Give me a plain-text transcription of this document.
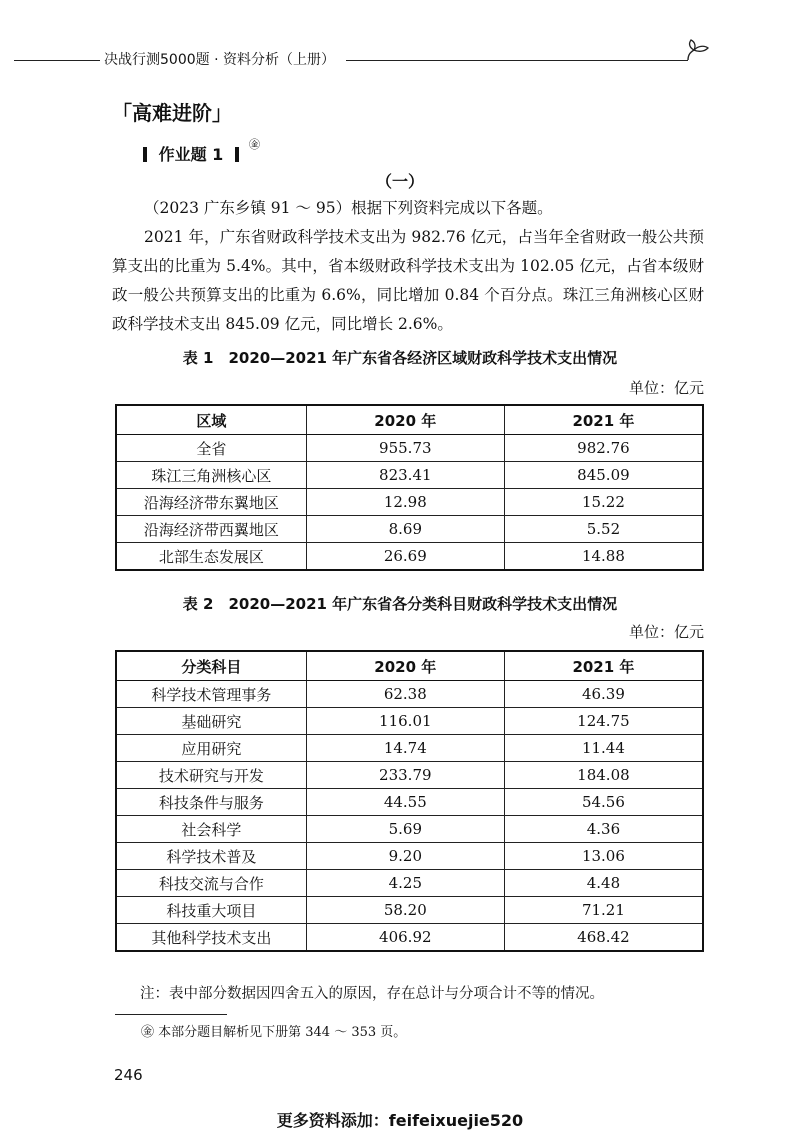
决战行测5000题 · 资料分析（上册）
「高难进阶」
作业题 1
㊎
（一）
（2023 广东乡镇 91 ～ 95）根据下列资料完成以下各题。
2021 年，广东省财政科学技术支出为 982.76 亿元，占当年全省财政一般公共预算支出的比重为 5.4%。其中，省本级财政科学技术支出为 102.05 亿元，占省本级财政一般公共预算支出的比重为 6.6%，同比增加 0.84 个百分点。珠江三角洲核心区财政科学技术支出 845.09 亿元，同比增长 2.6%。
表 1　2020—2021 年广东省各经济区域财政科学技术支出情况
单位：亿元
区域	2020 年	2021 年
全省	955.73	982.76
珠江三角洲核心区	823.41	845.09
沿海经济带东翼地区	12.98	15.22
沿海经济带西翼地区	8.69	5.52
北部生态发展区	26.69	14.88
表 2　2020—2021 年广东省各分类科目财政科学技术支出情况
单位：亿元
分类科目	2020 年	2021 年
科学技术管理事务	62.38	46.39
基础研究	116.01	124.75
应用研究	14.74	11.44
技术研究与开发	233.79	184.08
科技条件与服务	44.55	54.56
社会科学	5.69	4.36
科学技术普及	9.20	13.06
科技交流与合作	4.25	4.48
科技重大项目	58.20	71.21
其他科学技术支出	406.92	468.42
注：表中部分数据因四舍五入的原因，存在总计与分项合计不等的情况。
㊎ 本部分题目解析见下册第 344 ～ 353 页。
246
更多资料添加：feifeixuejie520
